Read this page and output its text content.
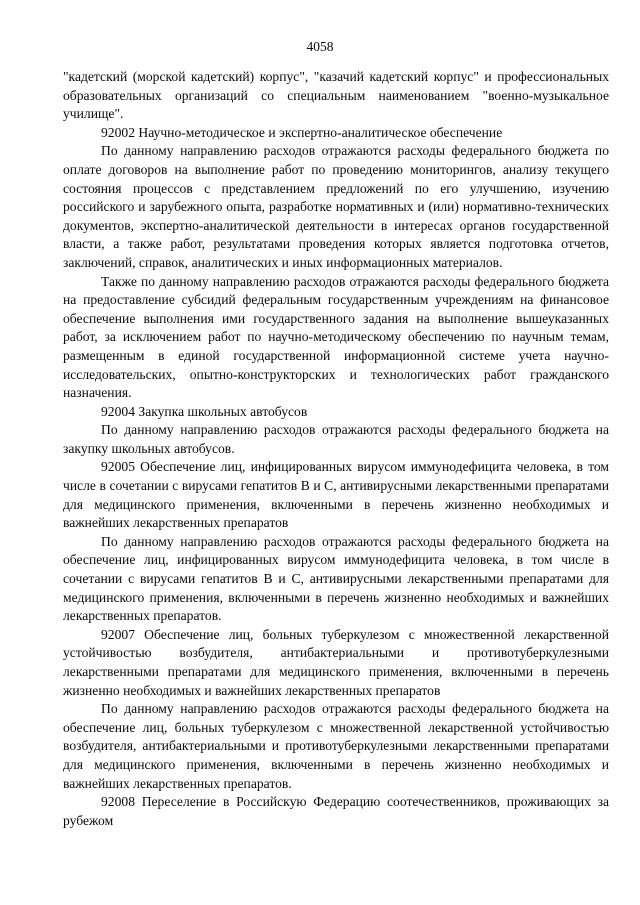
4058

"кадетский (морской кадетский) корпус", "казачий кадетский корпус" и профессиональных образовательных организаций со специальным наименованием "военно-музыкальное училище".

92002 Научно-методическое и экспертно-аналитическое обеспечение

По данному направлению расходов отражаются расходы федерального бюджета по оплате договоров на выполнение работ по проведению мониторингов, анализу текущего состояния процессов с представлением предложений по его улучшению, изучению российского и зарубежного опыта, разработке нормативных и (или) нормативно-технических документов, экспертно-аналитической деятельности в интересах органов государственной власти, а также работ, результатами проведения которых является подготовка отчетов, заключений, справок, аналитических и иных информационных материалов.

Также по данному направлению расходов отражаются расходы федерального бюджета на предоставление субсидий федеральным государственным учреждениям на финансовое обеспечение выполнения ими государственного задания на выполнение вышеуказанных работ, за исключением работ по научно-методическому обеспечению по научным темам, размещенным в единой государственной информационной системе учета научно-исследовательских, опытно-конструкторских и технологических работ гражданского назначения.

92004 Закупка школьных автобусов

По данному направлению расходов отражаются расходы федерального бюджета на закупку школьных автобусов.

92005 Обеспечение лиц, инфицированных вирусом иммунодефицита человека, в том числе в сочетании с вирусами гепатитов B и C, антивирусными лекарственными препаратами для медицинского применения, включенными в перечень жизненно необходимых и важнейших лекарственных препаратов

По данному направлению расходов отражаются расходы федерального бюджета на обеспечение лиц, инфицированных вирусом иммунодефицита человека, в том числе в сочетании с вирусами гепатитов B и C, антивирусными лекарственными препаратами для медицинского применения, включенными в перечень жизненно необходимых и важнейших лекарственных препаратов.

92007 Обеспечение лиц, больных туберкулезом с множественной лекарственной устойчивостью возбудителя, антибактериальными и противотуберкулезными лекарственными препаратами для медицинского применения, включенными в перечень жизненно необходимых и важнейших лекарственных препаратов

По данному направлению расходов отражаются расходы федерального бюджета на обеспечение лиц, больных туберкулезом с множественной лекарственной устойчивостью возбудителя, антибактериальными и противотуберкулезными лекарственными препаратами для медицинского применения, включенными в перечень жизненно необходимых и важнейших лекарственных препаратов.

92008 Переселение в Российскую Федерацию соотечественников, проживающих за рубежом
